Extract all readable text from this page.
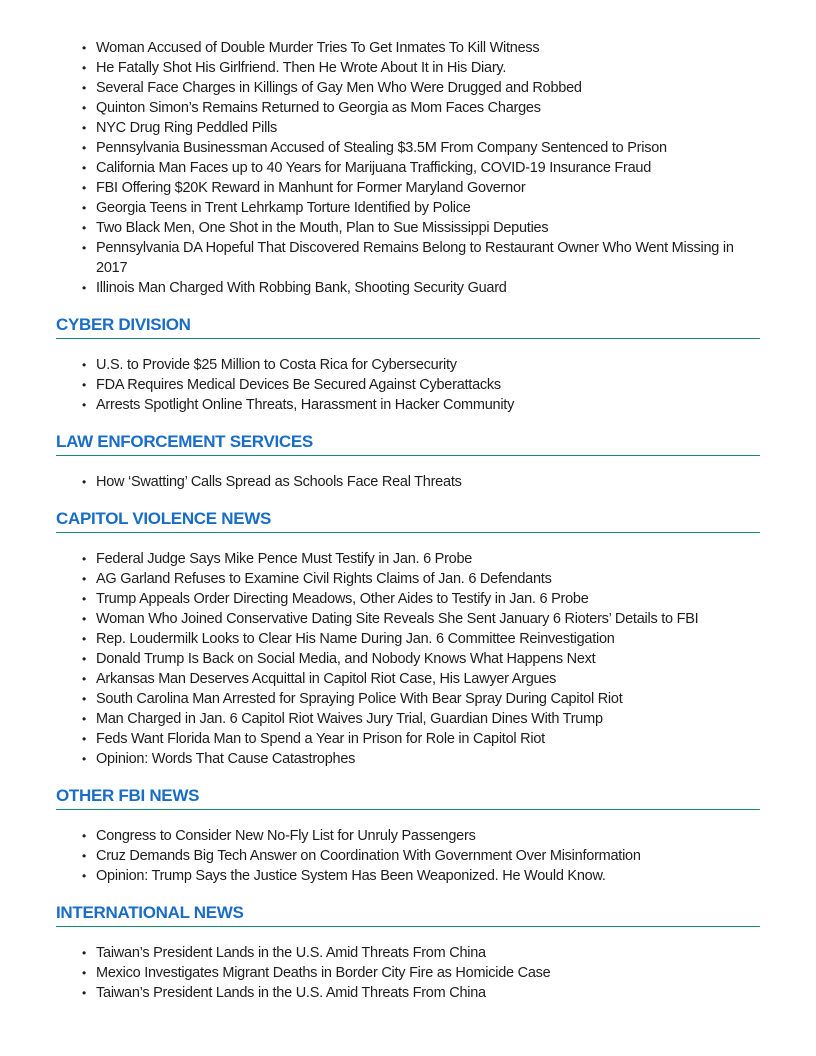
• Woman Accused of Double Murder Tries To Get Inmates To Kill Witness
• He Fatally Shot His Girlfriend. Then He Wrote About It in His Diary.
• Several Face Charges in Killings of Gay Men Who Were Drugged and Robbed
• Quinton Simon’s Remains Returned to Georgia as Mom Faces Charges
• NYC Drug Ring Peddled Pills
• Pennsylvania Businessman Accused of Stealing $3.5M From Company Sentenced to Prison
• California Man Faces up to 40 Years for Marijuana Trafficking, COVID-19 Insurance Fraud
• FBI Offering $20K Reward in Manhunt for Former Maryland Governor
• Georgia Teens in Trent Lehrkamp Torture Identified by Police
• Two Black Men, One Shot in the Mouth, Plan to Sue Mississippi Deputies
• Pennsylvania DA Hopeful That Discovered Remains Belong to Restaurant Owner Who Went Missing in 2017
• Illinois Man Charged With Robbing Bank, Shooting Security Guard
CYBER DIVISION
• U.S. to Provide $25 Million to Costa Rica for Cybersecurity
• FDA Requires Medical Devices Be Secured Against Cyberattacks
• Arrests Spotlight Online Threats, Harassment in Hacker Community
LAW ENFORCEMENT SERVICES
• How ‘Swatting’ Calls Spread as Schools Face Real Threats
CAPITOL VIOLENCE NEWS
• Federal Judge Says Mike Pence Must Testify in Jan. 6 Probe
• AG Garland Refuses to Examine Civil Rights Claims of Jan. 6 Defendants
• Trump Appeals Order Directing Meadows, Other Aides to Testify in Jan. 6 Probe
• Woman Who Joined Conservative Dating Site Reveals She Sent January 6 Rioters’ Details to FBI
• Rep. Loudermilk Looks to Clear His Name During Jan. 6 Committee Reinvestigation
• Donald Trump Is Back on Social Media, and Nobody Knows What Happens Next
• Arkansas Man Deserves Acquittal in Capitol Riot Case, His Lawyer Argues
• South Carolina Man Arrested for Spraying Police With Bear Spray During Capitol Riot
• Man Charged in Jan. 6 Capitol Riot Waives Jury Trial, Guardian Dines With Trump
• Feds Want Florida Man to Spend a Year in Prison for Role in Capitol Riot
• Opinion: Words That Cause Catastrophes
OTHER FBI NEWS
• Congress to Consider New No-Fly List for Unruly Passengers
• Cruz Demands Big Tech Answer on Coordination With Government Over Misinformation
• Opinion: Trump Says the Justice System Has Been Weaponized. He Would Know.
INTERNATIONAL NEWS
• Taiwan’s President Lands in the U.S. Amid Threats From China
• Mexico Investigates Migrant Deaths in Border City Fire as Homicide Case
• Taiwan’s President Lands in the U.S. Amid Threats From China
